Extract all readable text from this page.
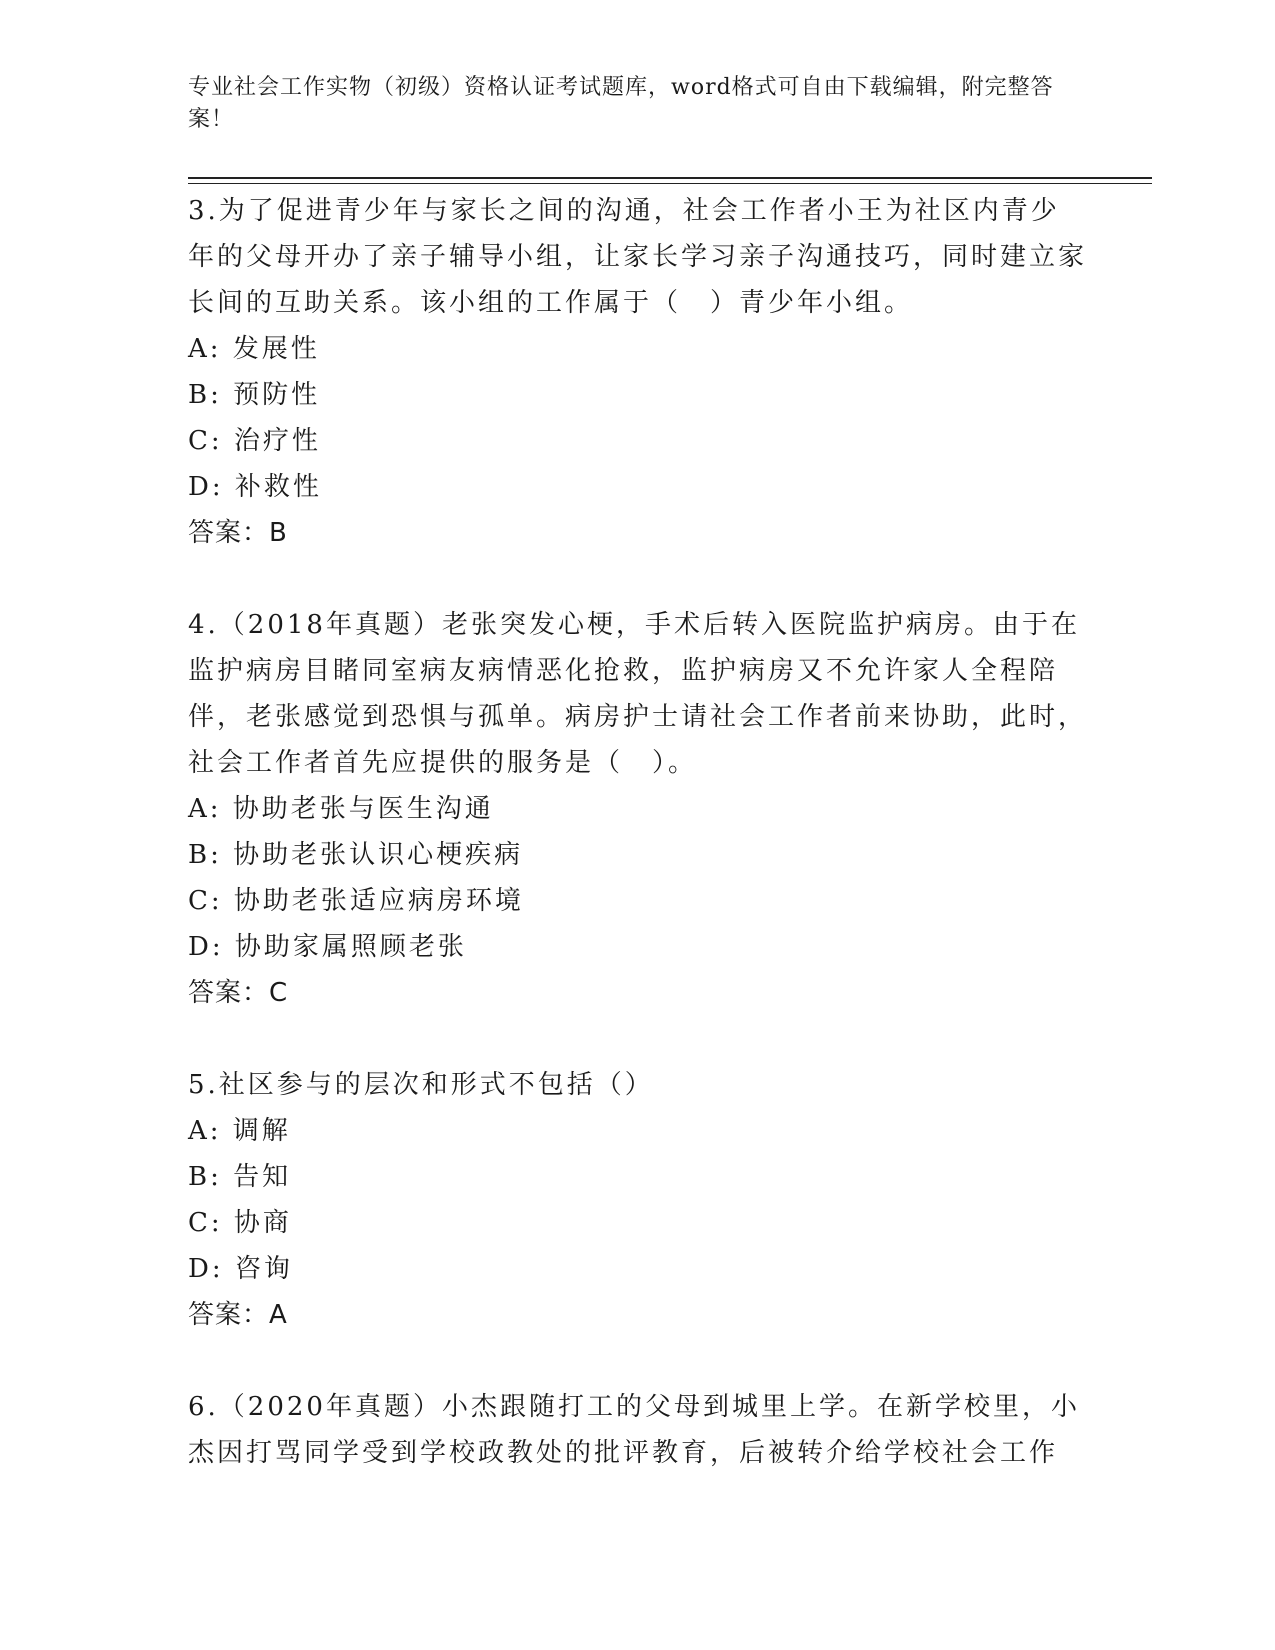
专业社会工作实物（初级）资格认证考试题库，word格式可自由下载编辑，附完整答案！
3.为了促进青少年与家长之间的沟通，社会工作者小王为社区内青少年的父母开办了亲子辅导小组，让家长学习亲子沟通技巧，同时建立家长间的互助关系。该小组的工作属于（　）青少年小组。
A: 发展性
B: 预防性
C: 治疗性
D: 补救性
答案：B
4.（2018年真题）老张突发心梗，手术后转入医院监护病房。由于在监护病房目睹同室病友病情恶化抢救，监护病房又不允许家人全程陪伴，老张感觉到恐惧与孤单。病房护士请社会工作者前来协助，此时，社会工作者首先应提供的服务是（　）。
A: 协助老张与医生沟通
B: 协助老张认识心梗疾病
C: 协助老张适应病房环境
D: 协助家属照顾老张
答案：C
5.社区参与的层次和形式不包括（）
A: 调解
B: 告知
C: 协商
D: 咨询
答案：A
6.（2020年真题）小杰跟随打工的父母到城里上学。在新学校里，小杰因打骂同学受到学校政教处的批评教育，后被转介给学校社会工作
